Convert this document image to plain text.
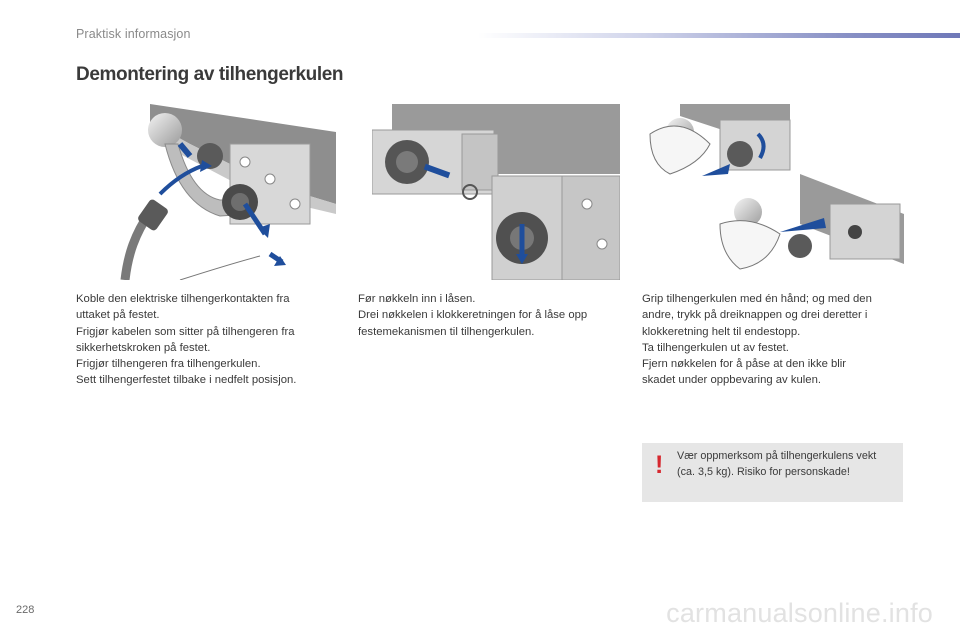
Praktisk informasjon
Demontering av tilhengerkulen

Koble den elektriske tilhengerkontakten fra

uttaket på festet.

Frigjør kabelen som sitter på tilhengeren fra

sikkerhetskroken på festet.

Frigjør tilhengeren fra tilhengerkulen.

Sett tilhengerfestet tilbake i nedfelt posisjon.

Før nøkkeln inn i låsen.

Drei nøkkelen i klokkeretningen for å låse opp

festemekanismen til tilhengerkulen.

Grip tilhengerkulen med én hånd; og med den

andre, trykk på dreiknappen og drei deretter i

klokkeretning helt til endestopp.

Ta tilhengerkulen ut av festet.

Fjern nøkkelen for å påse at den ikke blir

skadet under oppbevaring av kulen.

! Vær oppmerksom på tilhengerkulens vekt
(ca. 3,5 kg). Risiko for personskade!
228	carmanualsonline.info
